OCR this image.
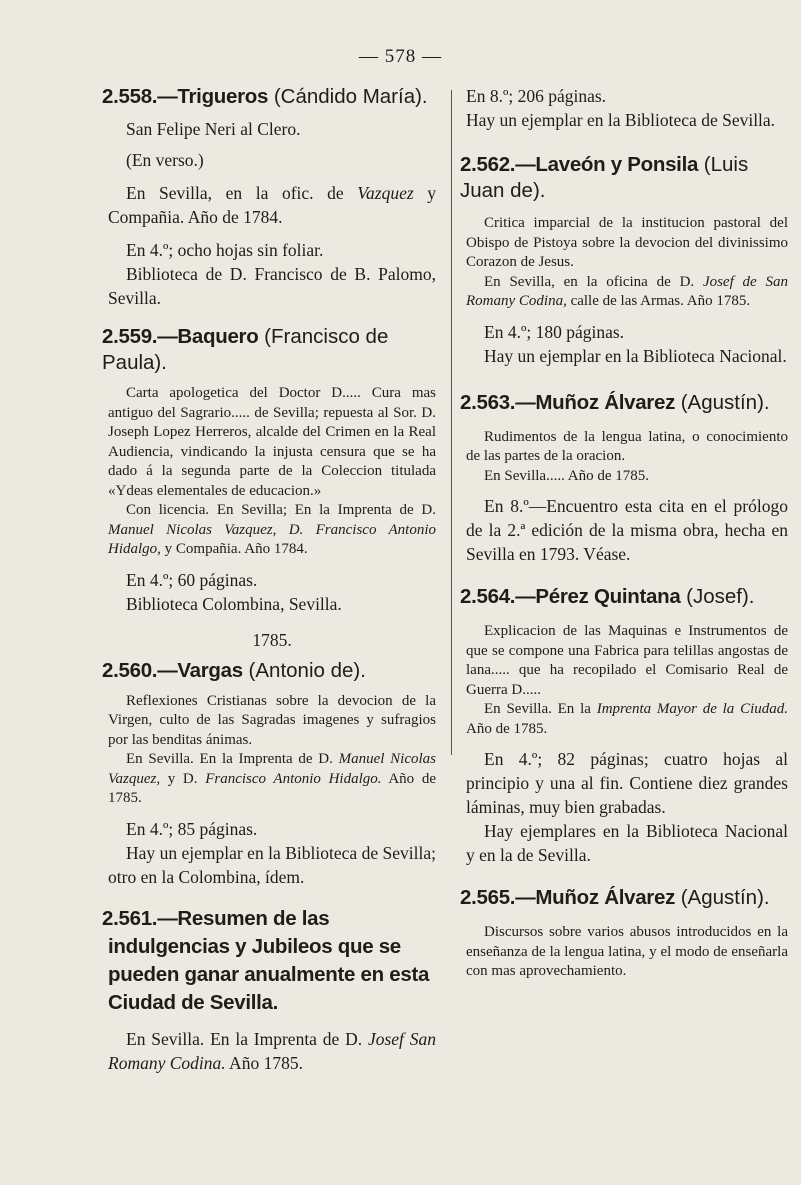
— 578 —
2.558.—Trigueros (Cándido María).

San Felipe Neri al Clero.

(En verso.)

En Sevilla, en la ofic. de Vazquez y Compañia. Año de 1784.

En 4.º; ocho hojas sin foliar.

Biblioteca de D. Francisco de B. Palomo, Sevilla.

2.559.—Baquero (Francisco de Paula).

Carta apologetica del Doctor D..... Cura mas antiguo del Sagrario..... de Sevilla; repuesta al Sor. D. Joseph Lopez Herreros, alcalde del Crimen en la Real Audiencia, vindicando la injusta censura que se ha dado á la segunda parte de la Coleccion titulada «Ydeas elementales de educacion.»

Con licencia. En Sevilla; En la Imprenta de D. Manuel Nicolas Vazquez, D. Francisco Antonio Hidalgo, y Compañia. Año 1784.

En 4.º; 60 páginas.

Biblioteca Colombina, Sevilla.

1785.

2.560.—Vargas (Antonio de).

Reflexiones Cristianas sobre la devocion de la Virgen, culto de las Sagradas imagenes y sufragios por las benditas ánimas.

En Sevilla. En la Imprenta de D. Manuel Nicolas Vazquez, y D. Francisco Antonio Hidalgo. Año de 1785.

En 4.º; 85 páginas.

Hay un ejemplar en la Biblioteca de Sevilla; otro en la Colombina, ídem.

2.561.—Resumen de las indulgencias y Jubileos que se pueden ganar anualmente en esta Ciudad de Sevilla.

En Sevilla. En la Imprenta de D. Josef San Romany Codina. Año 1785.

En 8.º; 206 páginas.

Hay un ejemplar en la Biblioteca de Sevilla.

2.562.—Laveón y Ponsila (Luis Juan de).

Critica imparcial de la institucion pastoral del Obispo de Pistoya sobre la devocion del divinissimo Corazon de Jesus.

En Sevilla, en la oficina de D. Josef de San Romany Codina, calle de las Armas. Año 1785.

En 4.º; 180 páginas.

Hay un ejemplar en la Biblioteca Nacional.

2.563.—Muñoz Álvarez (Agustín).

Rudimentos de la lengua latina, o conocimiento de las partes de la oracion.

En Sevilla..... Año de 1785.

En 8.º—Encuentro esta cita en el prólogo de la 2.ª edición de la misma obra, hecha en Sevilla en 1793. Véase.

2.564.—Pérez Quintana (Josef).

Explicacion de las Maquinas e Instrumentos de que se compone una Fabrica para telillas angostas de lana..... que ha recopilado el Comisario Real de Guerra D.....

En Sevilla. En la Imprenta Mayor de la Ciudad. Año de 1785.

En 4.º; 82 páginas; cuatro hojas al principio y una al fin. Contiene diez grandes láminas, muy bien grabadas.

Hay ejemplares en la Biblioteca Nacional y en la de Sevilla.

2.565.—Muñoz Álvarez (Agustín).

Discursos sobre varios abusos introducidos en la enseñanza de la lengua latina, y el modo de enseñarla con mas aprovechamiento.
